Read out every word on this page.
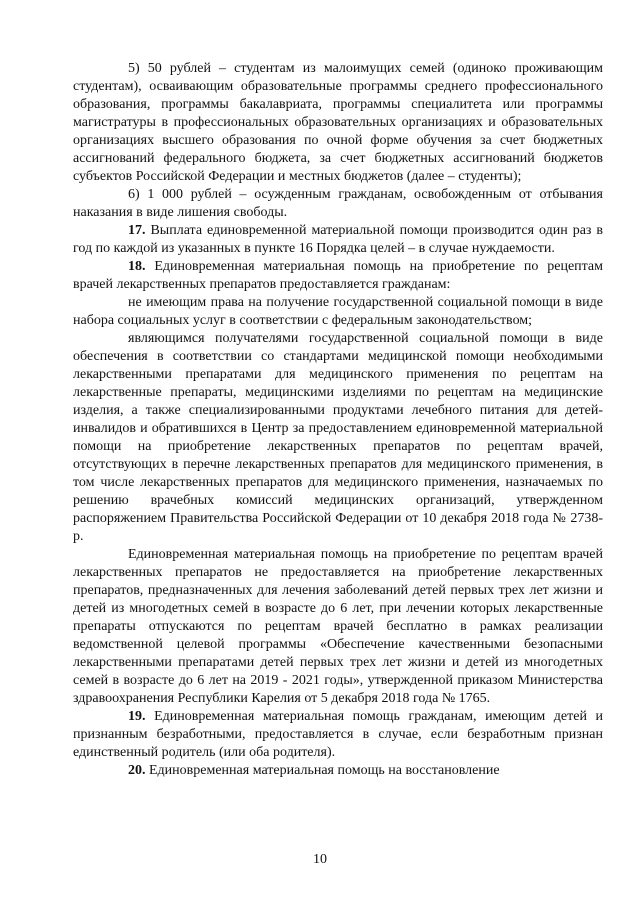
5) 50 рублей – студентам из малоимущих семей (одиноко проживающим студентам), осваивающим образовательные программы среднего профессионального образования, программы бакалавриата, программы специалитета или программы магистратуры в профессиональных образовательных организациях и образовательных организациях высшего образования по очной форме обучения за счет бюджетных ассигнований федерального бюджета, за счет бюджетных ассигнований бюджетов субъектов Российской Федерации и местных бюджетов (далее – студенты);

6) 1 000 рублей – осужденным гражданам, освобожденным от отбывания наказания в виде лишения свободы.

17. Выплата единовременной материальной помощи производится один раз в год по каждой из указанных в пункте 16 Порядка целей – в случае нуждаемости.

18. Единовременная материальная помощь на приобретение по рецептам врачей лекарственных препаратов предоставляется гражданам:

не имеющим права на получение государственной социальной помощи в виде набора социальных услуг в соответствии с федеральным законодательством;

являющимся получателями государственной социальной помощи в виде обеспечения в соответствии со стандартами медицинской помощи необходимыми лекарственными препаратами для медицинского применения по рецептам на лекарственные препараты, медицинскими изделиями по рецептам на медицинские изделия, а также специализированными продуктами лечебного питания для детей-инвалидов и обратившихся в Центр за предоставлением единовременной материальной помощи на приобретение лекарственных препаратов по рецептам врачей, отсутствующих в перечне лекарственных препаратов для медицинского применения, в том числе лекарственных препаратов для медицинского применения, назначаемых по решению врачебных комиссий медицинских организаций, утвержденном распоряжением Правительства Российской Федерации от 10 декабря 2018 года № 2738-р.

Единовременная материальная помощь на приобретение по рецептам врачей лекарственных препаратов не предоставляется на приобретение лекарственных препаратов, предназначенных для лечения заболеваний детей первых трех лет жизни и детей из многодетных семей в возрасте до 6 лет, при лечении которых лекарственные препараты отпускаются по рецептам врачей бесплатно в рамках реализации ведомственной целевой программы «Обеспечение качественными безопасными лекарственными препаратами детей первых трех лет жизни и детей из многодетных семей в возрасте до 6 лет на 2019 - 2021 годы», утвержденной приказом Министерства здравоохранения Республики Карелия от 5 декабря 2018 года № 1765.

19. Единовременная материальная помощь гражданам, имеющим детей и признанным безработными, предоставляется в случае, если безработным признан единственный родитель (или оба родителя).

20. Единовременная материальная помощь на восстановление

10
